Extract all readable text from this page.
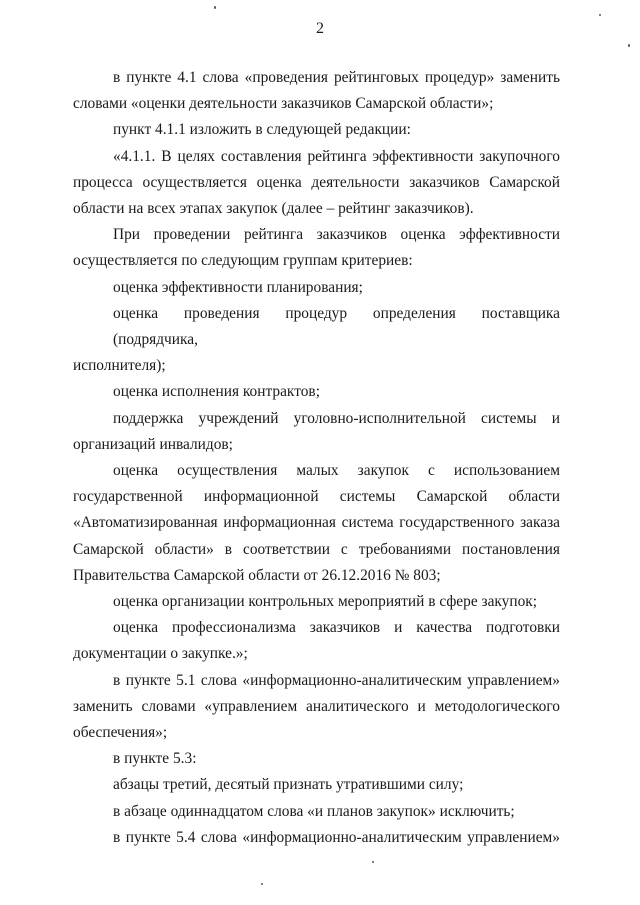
2
в пункте 4.1 слова «проведения рейтинговых процедур» заменить
словами «оценки деятельности заказчиков Самарской области»;
пункт 4.1.1 изложить в следующей редакции:
«4.1.1. В целях составления рейтинга эффективности закупочного
процесса осуществляется оценка деятельности заказчиков Самарской
области на всех этапах закупок (далее – рейтинг заказчиков).
При проведении рейтинга заказчиков оценка эффективности
осуществляется по следующим группам критериев:
оценка эффективности планирования;
оценка проведения процедур определения поставщика (подрядчика,
исполнителя);
оценка исполнения контрактов;
поддержка учреждений уголовно-исполнительной системы и
организаций инвалидов;
оценка осуществления малых закупок с использованием
государственной информационной системы Самарской области
«Автоматизированная информационная система государственного заказа
Самарской области» в соответствии с требованиями постановления
Правительства Самарской области от 26.12.2016 № 803;
оценка организации контрольных мероприятий в сфере закупок;
оценка профессионализма заказчиков и качества подготовки
документации о закупке.»;
в пункте 5.1 слова «информационно-аналитическим управлением»
заменить словами «управлением аналитического и методологического
обеспечения»;
в пункте 5.3:
абзацы третий, десятый признать утратившими силу;
в абзаце одиннадцатом слова «и планов закупок» исключить;
в пункте 5.4 слова «информационно-аналитическим управлением»
